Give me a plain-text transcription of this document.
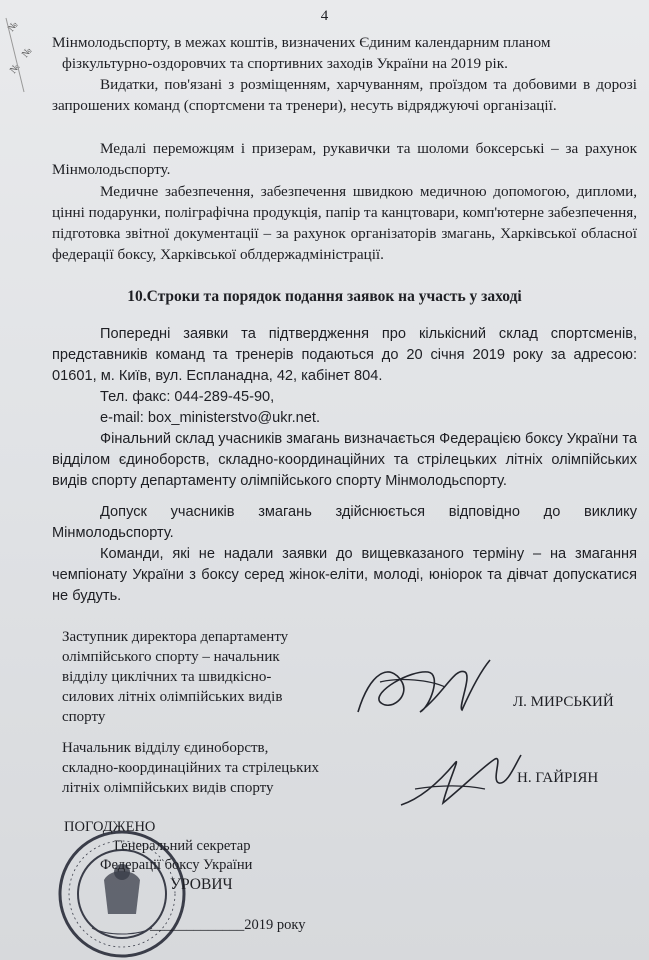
4
№
№
№

Мінмолодьспорту, в межах коштів, визначених Єдиним календарним планом

фізкультурно-оздоровчих та спортивних заходів України на 2019 рік.

Видатки, пов'язані з розміщенням, харчуванням, проїздом та добовими в дорозі запрошених команд (спортсмени та тренери), несуть відряджуючі організації.

Медалі переможцям і призерам, рукавички та шоломи боксерські – за рахунок Мінмолодьспорту.

Медичне забезпечення, забезпечення швидкою медичною допомогою, дипломи, цінні подарунки, поліграфічна продукція, папір та канцтовари, комп'ютерне забезпечення, підготовка звітної документації – за рахунок організаторів змагань, Харківської обласної федерації боксу, Харківської облдержадміністрації.

10.Строки та порядок подання заявок на участь у заході

Попередні заявки та підтвердження про кількісний склад спортсменів, представників команд та тренерів подаються до 20 січня 2019 року за адресою: 01601, м. Київ, вул. Еспланадна, 42, кабінет 804.

Тел. факс: 044-289-45-90,

e-mail: box_ministerstvo@ukr.net.

Фінальний склад учасників змагань визначається Федерацією боксу України та відділом єдиноборств, складно-координаційних та стрілецьких літніх олімпійських видів спорту департаменту олімпійського спорту Мінмолодьспорту.

Допуск учасників змагань здійснюється відповідно до виклику Мінмолодьспорту.

Команди, які не надали заявки до вищевказаного терміну – на змагання чемпіонату України з боксу серед жінок-еліти, молоді, юніорок та дівчат допускатися не будуть.

Заступник директора департаменту
олімпійського спорту – начальник
відділу циклічних та швидкісно-
силових літніх олімпійських видів
спорту
Л. МИРСЬКИЙ
Начальник відділу єдиноборств,
складно-координаційних та стрілецьких
літніх олімпійських видів спорту
Н. ГАЙРІЯН
ПОГОДЖЕНО
Генеральний секретар
Федерації боксу України
УРОВИЧ
_____________2019 року
